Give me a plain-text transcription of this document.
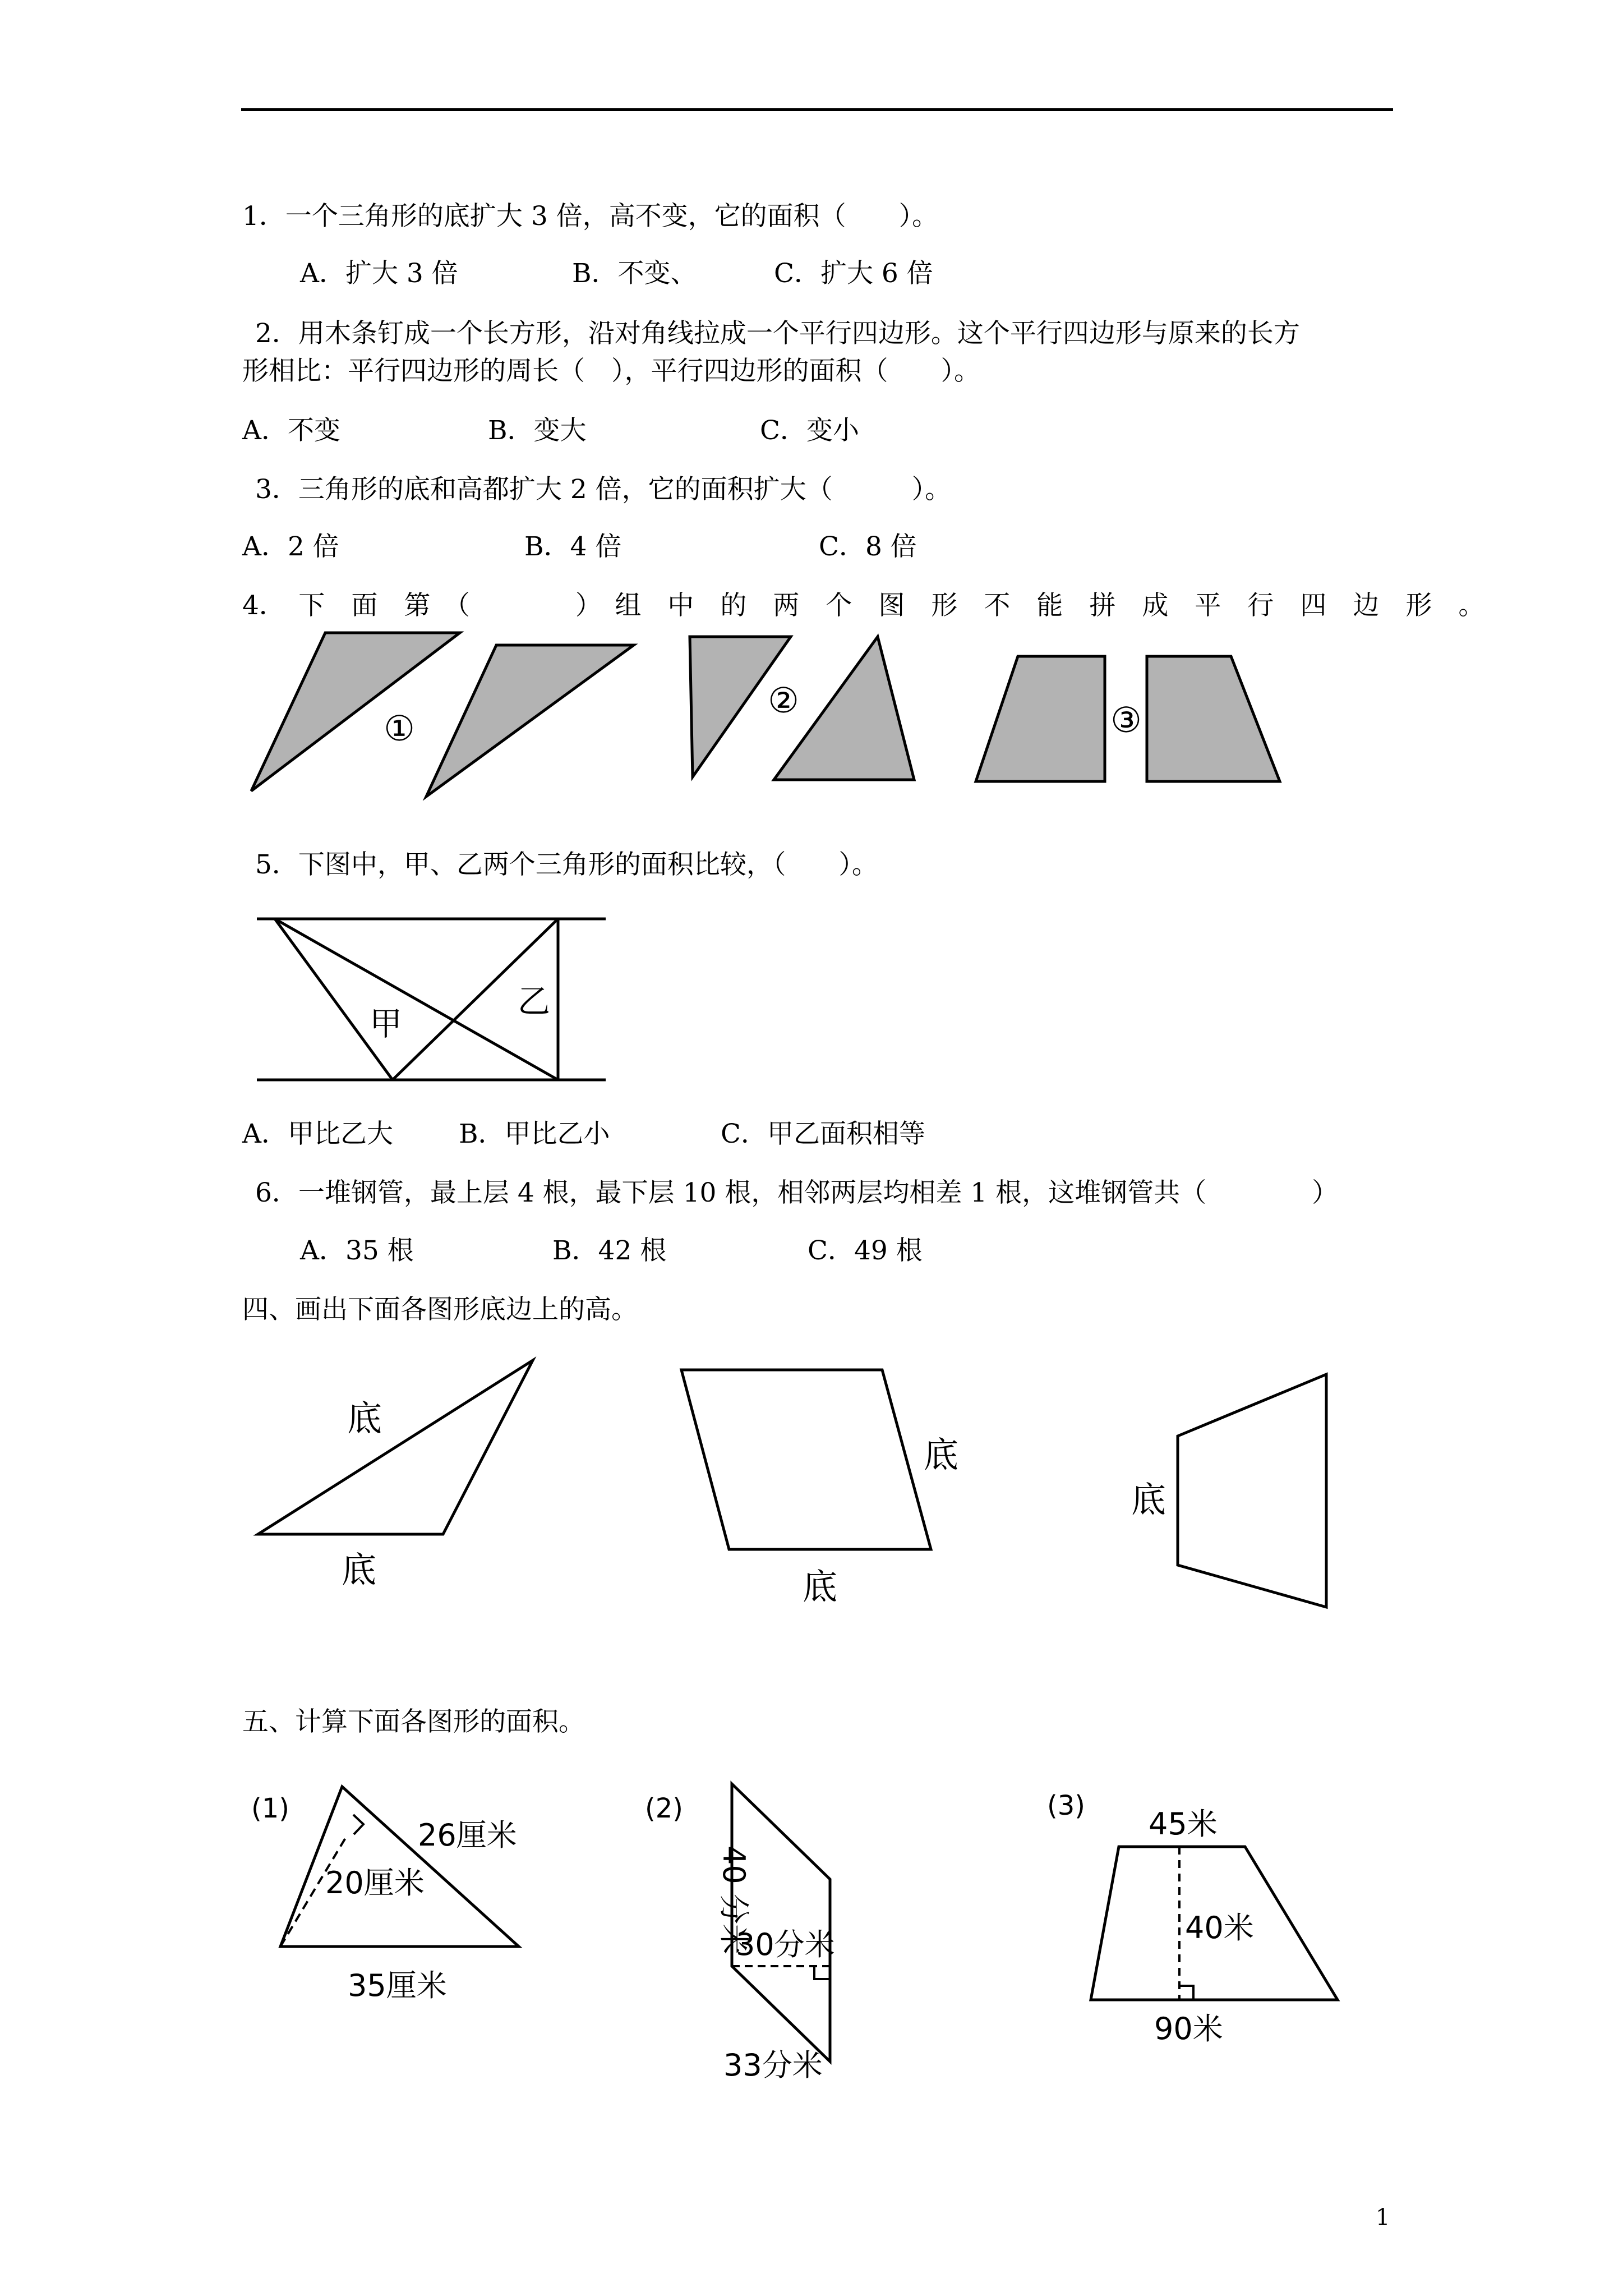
1．一个三角形的底扩大 3 倍，高不变，它的面积（　　）。
A．扩大 3 倍	B．不变、	C．扩大 6 倍
2．用木条钉成一个长方形，沿对角线拉成一个平行四边形。这个平行四边形与原来的长方
形相比：平行四边形的周长（　），平行四边形的面积（　　）。
A．不变	B．变大	C．变小
3．三角形的底和高都扩大 2 倍，它的面积扩大（　　　）。
A．2 倍	B．4 倍	C．8 倍
4．　下　面　第　（　　　　）　组　中　的　两　个　图　形　不　能　拼　成　平　行　四　边　形　。
①
②	③
5．下图中，甲、乙两个三角形的面积比较，（　　）。
甲
乙
A．甲比乙大 B．甲比乙小	C．甲乙面积相等
6．一堆钢管，最上层 4 根，最下层 10 根，相邻两层均相差 1 根，这堆钢管共（　　　　）
A．35 根	B．42 根	C．49 根
四、画出下面各图形底边上的高。
底
底
底
底
底
五、计算下面各图形的面积。
(1)
26厘米
20厘米
35厘米
(2)
40 分米
30分米
33分米
(3)
45米
40米
90米
1
